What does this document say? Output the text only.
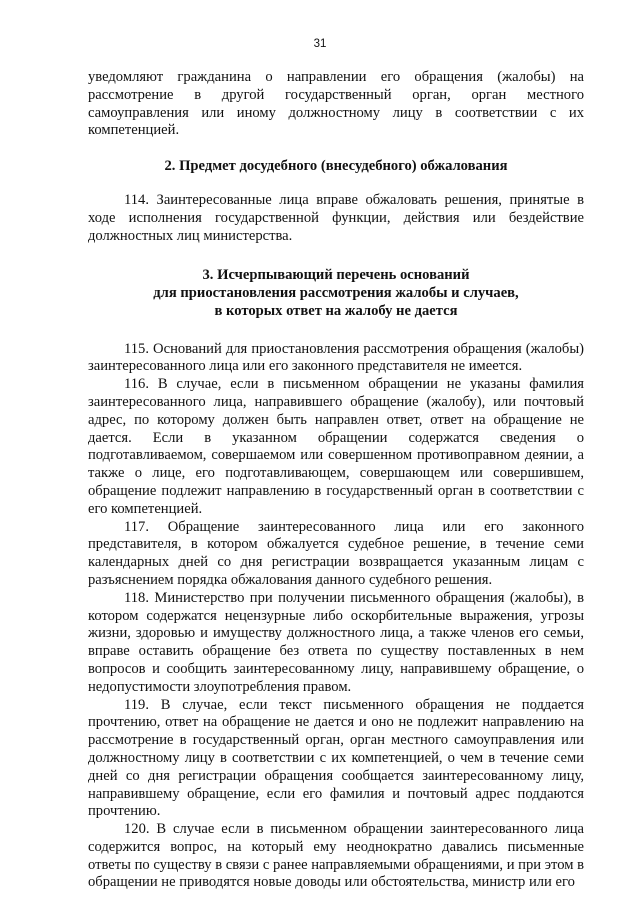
31

уведомляют гражданина о направлении его обращения (жалобы) на рассмотрение в другой государственный орган, орган местного самоуправления или иному должностному лицу в соответствии с их компетенцией.

2. Предмет досудебного (внесудебного) обжалования

114. Заинтересованные лица вправе обжаловать решения, принятые в ходе исполнения государственной функции, действия или бездействие должностных лиц министерства.

3. Исчерпывающий перечень оснований
для приостановления рассмотрения жалобы и случаев,
в которых ответ на жалобу не дается

115. Оснований для приостановления рассмотрения обращения (жалобы) заинтересованного лица или его законного представителя не имеется.

116. В случае, если в письменном обращении не указаны фамилия заинтересованного лица, направившего обращение (жалобу), или почтовый адрес, по которому должен быть направлен ответ, ответ на обращение не дается. Если в указанном обращении содержатся сведения о подготавливаемом, совершаемом или совершенном противоправном деянии, а также о лице, его подготавливающем, совершающем или совершившем, обращение подлежит направлению в государственный орган в соответствии с его компетенцией.

117. Обращение заинтересованного лица или его законного представителя, в котором обжалуется судебное решение, в течение семи календарных дней со дня регистрации возвращается указанным лицам с разъяснением порядка обжалования данного судебного решения.

118. Министерство при получении письменного обращения (жалобы), в котором содержатся нецензурные либо оскорбительные выражения, угрозы жизни, здоровью и имуществу должностного лица, а также членов его семьи, вправе оставить обращение без ответа по существу поставленных в нем вопросов и сообщить заинтересованному лицу, направившему обращение, о недопустимости злоупотребления правом.

119. В случае, если текст письменного обращения не поддается прочтению, ответ на обращение не дается и оно не подлежит направлению на рассмотрение в государственный орган, орган местного самоуправления или должностному лицу в соответствии с их компетенцией, о чем в течение семи дней со дня регистрации обращения сообщается заинтересованному лицу, направившему обращение, если его фамилия и почтовый адрес поддаются прочтению.

120. В случае если в письменном обращении заинтересованного лица содержится вопрос, на который ему неоднократно давались письменные ответы по существу в связи с ранее направляемыми обращениями, и при этом в обращении не приводятся новые доводы или обстоятельства, министр или его
